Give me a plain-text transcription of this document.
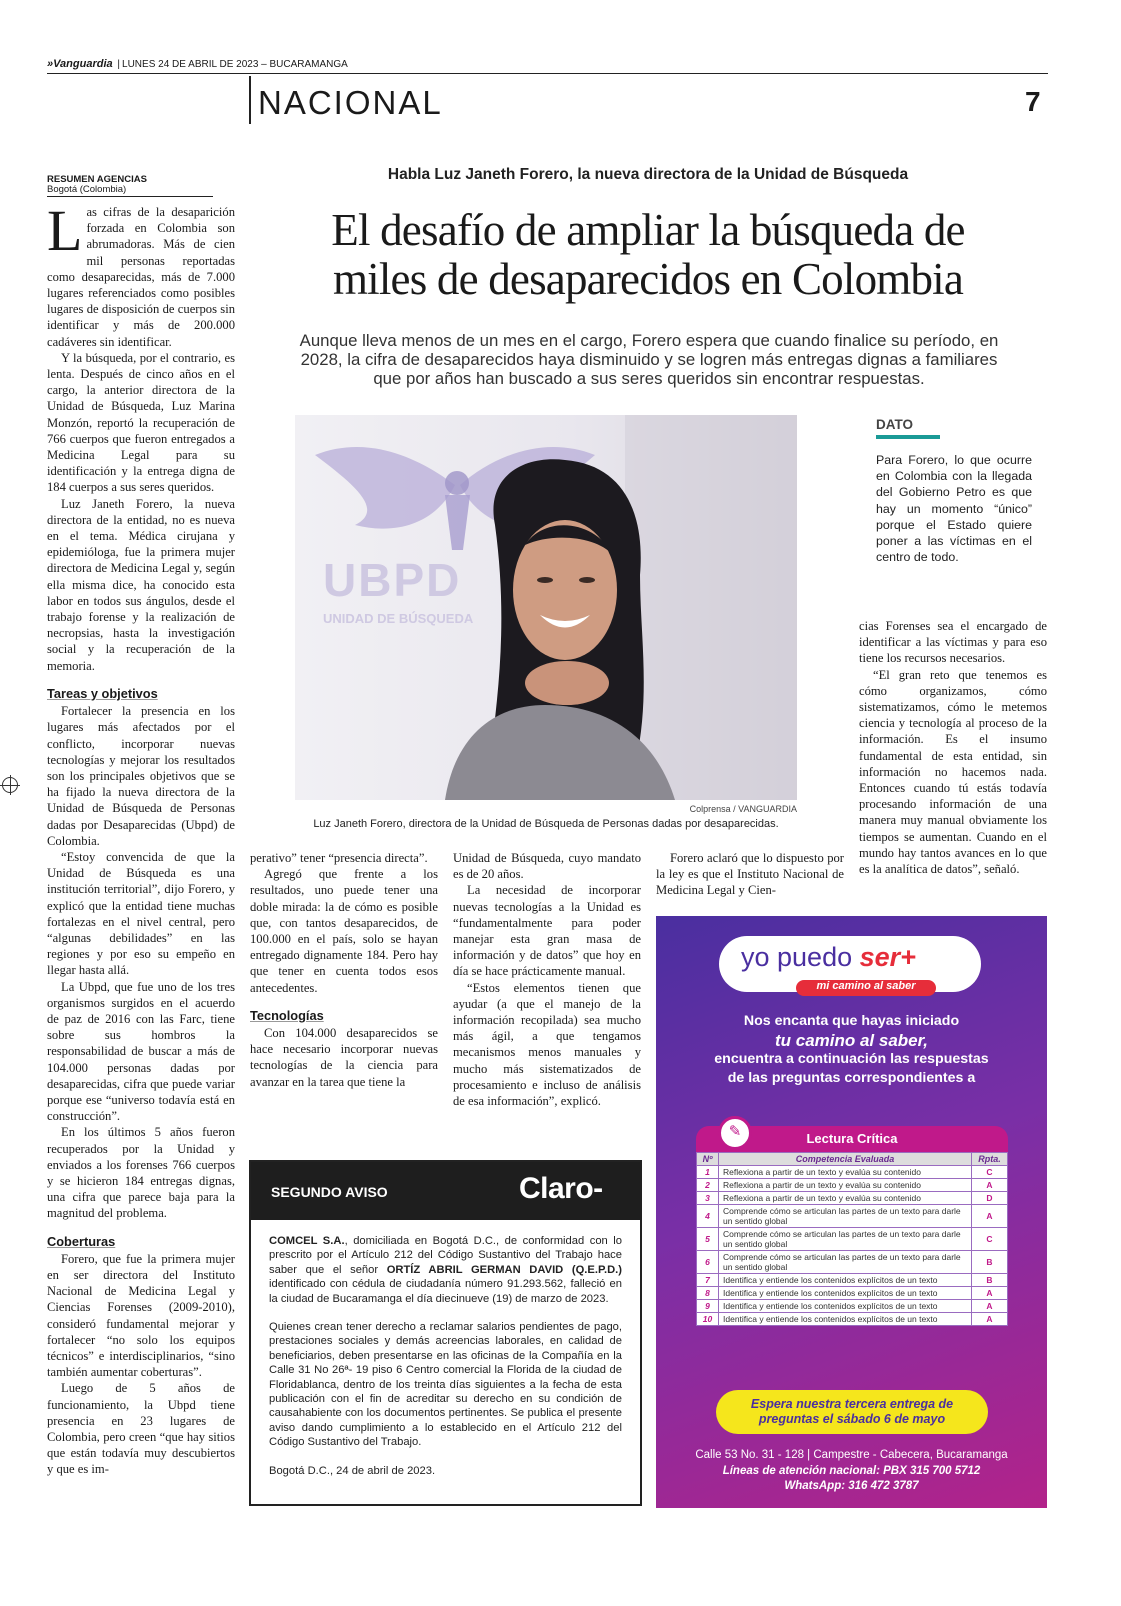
»Vanguardia | LUNES 24 DE ABRIL DE 2023 – BUCARAMANGA
NACIONAL	7
RESUMEN AGENCIAS
Bogotá (Colombia)
Habla Luz Janeth Forero, la nueva directora de la Unidad de Búsqueda
El desafío de ampliar la búsqueda de
miles de desaparecidos en Colombia
Aunque lleva menos de un mes en el cargo, Forero espera que cuando finalice su período, en 2028, la cifra de desaparecidos haya disminuido y se logren más entregas dignas a familiares que por años han buscado a sus seres queridos sin encontrar respuestas.
UBPD
UNIDAD DE BÚSQUEDA
Colprensa / VANGUARDIA
Luz Janeth Forero, directora de la Unidad de Búsqueda de Personas dadas por desaparecidas.
DATO
Para Forero, lo que ocurre en Colombia con la llegada del Gobierno Petro es que hay un momento “único” porque el Estado quiere poner a las víctimas en el centro de todo.

Las cifras de la desaparición forzada en Colombia son abrumadoras. Más de cien mil personas reportadas como desaparecidas, más de 7.000 lugares referenciados como posibles lugares de disposición de cuerpos sin identificar y más de 200.000 cadáveres sin identificar.

Y la búsqueda, por el contrario, es lenta. Después de cinco años en el cargo, la anterior directora de la Unidad de Búsqueda, Luz Marina Monzón, reportó la recuperación de 766 cuerpos que fueron entregados a Medicina Legal para su identificación y la entrega digna de 184 cuerpos a sus seres queridos.

Luz Janeth Forero, la nueva directora de la entidad, no es nueva en el tema. Médica cirujana y epidemióloga, fue la primera mujer directora de Medicina Legal y, según ella misma dice, ha conocido esta labor en todos sus ángulos, desde el trabajo forense y la realización de necropsias, hasta la investigación social y la recuperación de la memoria.

Tareas y objetivos

Fortalecer la presencia en los lugares más afectados por el conflicto, incorporar nuevas tecnologías y mejorar los resultados son los principales objetivos que se ha fijado la nueva directora de la Unidad de Búsqueda de Personas dadas por Desaparecidas (Ubpd) de Colombia.

“Estoy convencida de que la Unidad de Búsqueda es una institución territorial”, dijo Forero, y explicó que la entidad tiene muchas fortalezas en el nivel central, pero “algunas debilidades” en las regiones y por eso su empeño en llegar hasta allá.

La Ubpd, que fue uno de los tres organismos surgidos en el acuerdo de paz de 2016 con las Farc, tiene sobre sus hombros la responsabilidad de buscar a más de 104.000 personas dadas por desaparecidas, cifra que puede variar porque ese “universo todavía está en construcción”.

En los últimos 5 años fueron recuperados por la Unidad y enviados a los forenses 766 cuerpos y se hicieron 184 entregas dignas, una cifra que parece baja para la magnitud del problema.

Coberturas

Forero, que fue la primera mujer en ser directora del Instituto Nacional de Medicina Legal y Ciencias Forenses (2009-2010), consideró fundamental mejorar y fortalecer “no solo los equipos técnicos” e interdisciplinarios, “sino también aumentar coberturas”.

Luego de 5 años de funcionamiento, la Ubpd tiene presencia en 23 lugares de Colombia, pero creen “que hay sitios que están todavía muy descubiertos y que es im-

perativo” tener “presencia directa”.

Agregó que frente a los resultados, uno puede tener una doble mirada: la de cómo es posible que, con tantos desaparecidos, de 100.000 en el país, solo se hayan entregado dignamente 184. Pero hay que tener en cuenta todos esos antecedentes.

Tecnologías

Con 104.000 desaparecidos se hace necesario incorporar nuevas tecnologías de la ciencia para avanzar en la tarea que tiene la

Unidad de Búsqueda, cuyo mandato es de 20 años.

La necesidad de incorporar nuevas tecnologías a la Unidad es “fundamentalmente para poder manejar esta gran masa de información y de datos” que hoy en día se hace prácticamente manual.

“Estos elementos tienen que ayudar (a que el manejo de la información recopilada) sea mucho más ágil, a que tengamos mecanismos menos manuales y mucho más sistematizados de procesamiento e incluso de análisis de esa información”, explicó.

Forero aclaró que lo dispuesto por la ley es que el Instituto Nacional de Medicina Legal y Cien-

cias Forenses sea el encargado de identificar a las víctimas y para eso tiene los recursos necesarios.

“El gran reto que tenemos es cómo organizamos, cómo sistematizamos, cómo le metemos ciencia y tecnología al proceso de la información. Es el insumo fundamental de esta entidad, sin información no hacemos nada. Entonces cuando tú estás todavía procesando información de una manera muy manual obviamente los tiempos se aumentan. Cuando en el mundo hay tantos avances en lo que es la analítica de datos”, señaló.

SEGUNDO AVISO	Claro-

COMCEL S.A., domiciliada en Bogotá D.C., de conformidad con lo prescrito por el Artículo 212 del Código Sustantivo del Trabajo hace saber que el señor ORTÍZ ABRIL GERMAN DAVID (Q.E.P.D.) identificado con cédula de ciudadanía número 91.293.562, falleció en la ciudad de Bucaramanga el día diecinueve (19) de marzo de 2023.

Quienes crean tener derecho a reclamar salarios pendientes de pago, prestaciones sociales y demás acreencias laborales, en calidad de beneficiarios, deben presentarse en las oficinas de la Compañía en la Calle 31 No 26ª- 19 piso 6 Centro comercial la Florida de la ciudad de Floridablanca, dentro de los treinta días siguientes a la fecha de esta publicación con el fin de acreditar su derecho en su condición de causahabiente con los documentos pertinentes. Se publica el presente aviso dando cumplimiento a lo establecido en el Artículo 212 del Código Sustantivo del Trabajo.

Bogotá D.C., 24 de abril de 2023.

yo puedo ser+
mi camino al saber
Nos encanta que hayas iniciado
tu camino al saber,
encuentra a continuación las respuestas
de las preguntas correspondientes a
✎	Lectura Crítica
Nº	Competencia Evaluada	Rpta.
1	Reflexiona a partir de un texto y evalúa su contenido	C
2	Reflexiona a partir de un texto y evalúa su contenido	A
3	Reflexiona a partir de un texto y evalúa su contenido	D
4	Comprende cómo se articulan las partes de un texto para darle un sentido global	A
5	Comprende cómo se articulan las partes de un texto para darle un sentido global	C
6	Comprende cómo se articulan las partes de un texto para darle un sentido global	B
7	Identifica y entiende los contenidos explícitos de un texto	B
8	Identifica y entiende los contenidos explícitos de un texto	A
9	Identifica y entiende los contenidos explícitos de un texto	A
10	Identifica y entiende los contenidos explícitos de un texto	A
Espera nuestra tercera entrega de
preguntas el sábado 6 de mayo
Calle 53 No. 31 - 128 | Campestre - Cabecera, Bucaramanga
Líneas de atención nacional: PBX 315 700 5712
WhatsApp: 316 472 3787
